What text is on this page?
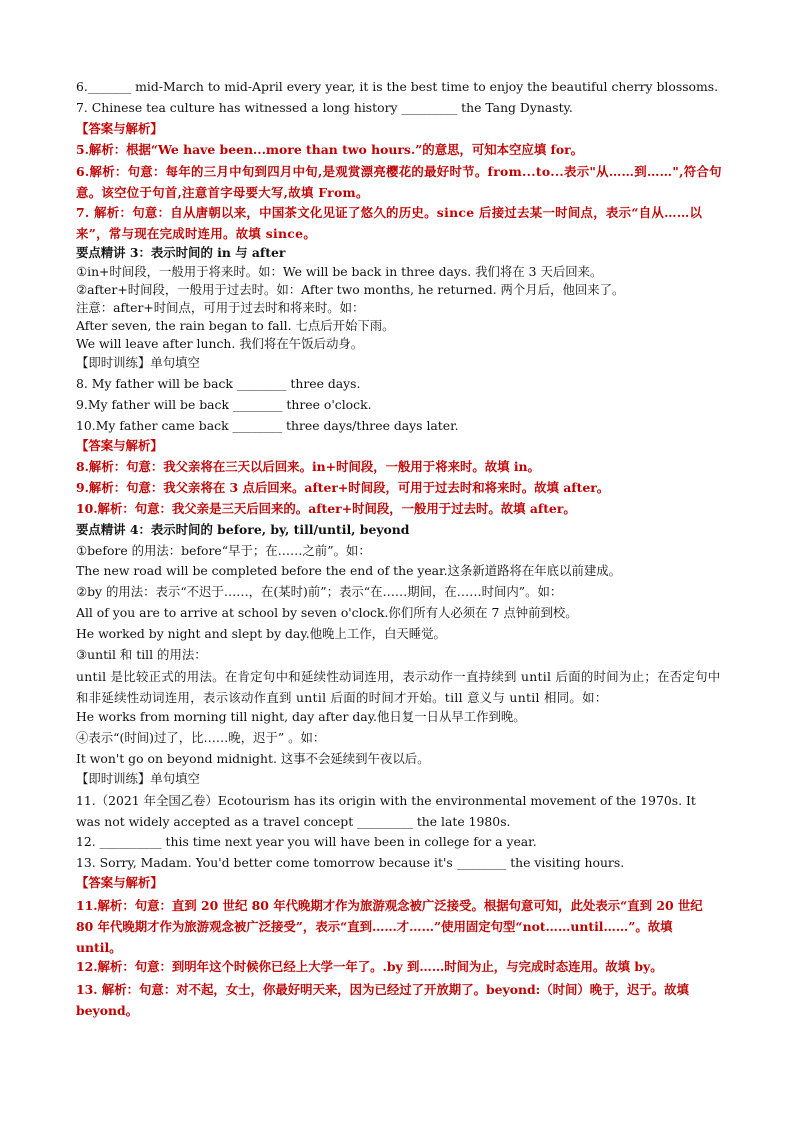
6._______ mid-March to mid-April every year, it is the best time to enjoy the beautiful cherry blossoms.
7. Chinese tea culture has witnessed a long history _________ the Tang Dynasty.
【答案与解析】
5.解析：根据“We have been...more than two hours.”的意思，可知本空应填 for。
6.解析：句意：每年的三月中旬到四月中旬,是观赏漂亮樱花的最好时节。from...to...表示"从……到……",符合句意。该空位于句首,注意首字母要大写,故填 From。
7. 解析：句意：自从唐朝以来，中国茶文化见证了悠久的历史。since 后接过去某一时间点，表示“自从……以来”，常与现在完成时连用。故填 since。
要点精讲 3：表示时间的 in 与 after
①in+时间段，一般用于将来时。如：We will be back in three days. 我们将在 3 天后回来。
②after+时间段，一般用于过去时。如：After two months, he returned. 两个月后，他回来了。
注意：after+时间点，可用于过去时和将来时。如：
After seven, the rain began to fall. 七点后开始下雨。
We will leave after lunch. 我们将在午饭后动身。
【即时训练】单句填空
8. My father will be back ________ three days.
9.My father will be back ________ three o'clock.
10.My father came back ________ three days/three days later.
【答案与解析】
8.解析：句意：我父亲将在三天以后回来。in+时间段，一般用于将来时。故填 in。
9.解析：句意：我父亲将在 3 点后回来。after+时间段，可用于过去时和将来时。故填 after。
10.解析：句意：我父亲是三天后回来的。after+时间段，一般用于过去时。故填 after。
要点精讲 4：表示时间的 before, by, till/until, beyond
①before 的用法：before“早于；在……之前”。如：
The new road will be completed before the end of the year.这条新道路将在年底以前建成。
②by 的用法：表示“不迟于……，在(某时)前”；表示“在……期间，在……时间内”。如：
All of you are to arrive at school by seven o'clock.你们所有人必须在 7 点钟前到校。
He worked by night and slept by day.他晚上工作，白天睡觉。
③until 和 till 的用法：
until 是比较正式的用法。在肯定句中和延续性动词连用，表示动作一直持续到 until 后面的时间为止；在否定句中和非延续性动词连用，表示该动作直到 until 后面的时间才开始。till 意义与 until 相同。如：
He works from morning till night, day after day.他日复一日从早工作到晚。
④表示“(时间)过了，比……晚，迟于” 。如：
It won't go on beyond midnight. 这事不会延续到午夜以后。
【即时训练】单句填空
11.（2021 年全国乙卷）Ecotourism has its origin with the environmental movement of the 1970s. It was not widely accepted as a travel concept _________ the late 1980s.
12. __________ this time next year you will have been in college for a year.
13. Sorry, Madam. You'd better come tomorrow because it's ________ the visiting hours.
【答案与解析】
11.解析：句意：直到 20 世纪 80 年代晚期才作为旅游观念被广泛接受。根据句意可知，此处表示“直到 20 世纪 80 年代晚期才作为旅游观念被广泛接受”，表示“直到……才……”使用固定句型“not……until……”。故填 until。
12.解析：句意：到明年这个时候你已经上大学一年了。.by 到……时间为止，与完成时态连用。故填 by。
13. 解析：句意：对不起，女士，你最好明天来，因为已经过了开放期了。beyond:（时间）晚于，迟于。故填 beyond。
